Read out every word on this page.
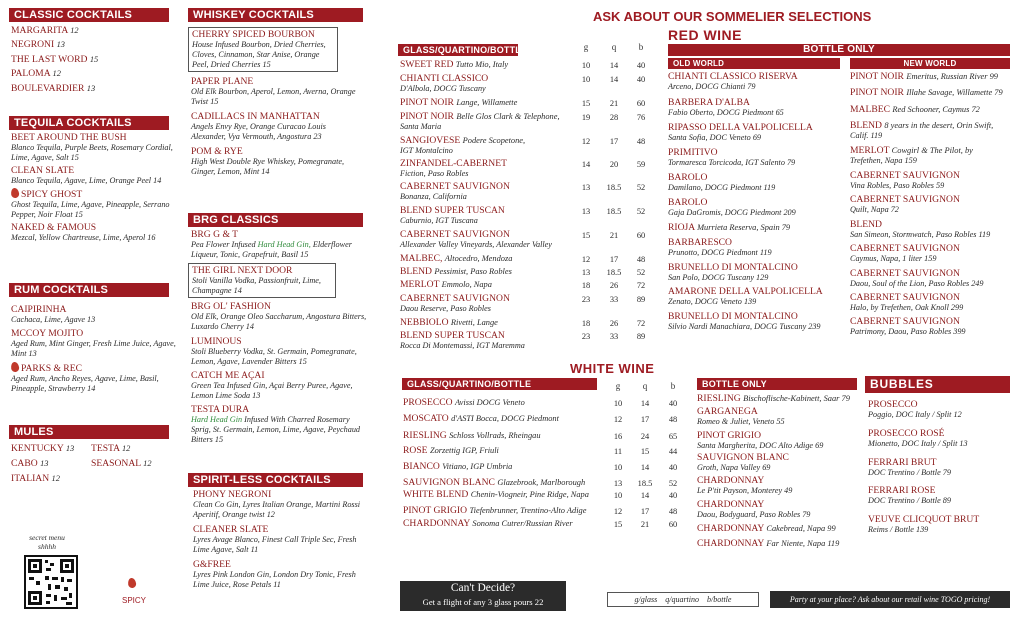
CLASSIC COCKTAILS
MARGARITA 12
NEGRONI 13
THE LAST WORD 15
PALOMA 12
BOULEVARDIER 13
TEQUILA COCKTAILS
BEET AROUND THE BUSH
Blanco Tequila, Purple Beets, Rosemary Cordial, Lime, Agave, Salt 15
CLEAN SLATE
Blanco Tequila, Agave, Lime, Orange Peel 14
SPICY GHOST
Ghost Tequila, Lime, Agave, Pineapple, Serrano Pepper, Noir Float 15
NAKED & FAMOUS
Mezcal, Yellow Chartreuse, Lime, Aperol 16
RUM COCKTAILS
CAIPIRINHA
Cachaca, Lime, Agave 13
MCCOY MOJITO
Aged Rum, Mint Ginger, Fresh Lime Juice, Agave, Mint 13
PARKS & REC
Aged Rum, Ancho Reyes, Agave, Lime, Basil, Pineapple, Strawberry 14
MULES
KENTUCKY 13 TESTA 12
CABO 13	SEASONAL 12
ITALIAN 12
secret menu
shhhh
SPICY
WHISKEY COCKTAILS
CHERRY SPICED BOURBON
House Infused Bourbon, Dried Cherries, Cloves, Cinnamon, Star Anise, Orange Peel, Dried Cherries 15
PAPER PLANE
Old Elk Bourbon, Aperol, Lemon, Averna, Orange Twist 15
CADILLACS IN MANHATTAN
Angels Envy Rye, Orange Curacao Louis Alexander, Vya Vermouth, Angostura 23
POM & RYE
High West Double Rye Whiskey, Pomegranate, Ginger, Lemon, Mint 14
BRG CLASSICS
BRG G & T
Pea Flower Infused Hard Head Gin, Elderflower Liqueur, Tonic, Grapefruit, Basil 15
THE GIRL NEXT DOOR
Stoli Vanilla Vodka, Passionfruit, Lime, Champagne 14
BRG OL' FASHION
Old Elk, Orange Oleo Saccharum, Angostura Bitters, Luxardo Cherry 14
LUMINOUS
Stoli Blueberry Vodka, St. Germain, Pomegranate, Lemon, Agave, Lavender Bitters 15
CATCH ME AÇAI
Green Tea Infused Gin, Açai Berry Puree, Agave, Lemon Lime Soda 13
TESTA DURA
Hard Head Gin Infused With Charred Rosemary Sprig, St. Germain, Lemon, Lime, Agave, Peychaud Bitters 15
SPIRIT-LESS COCKTAILS
PHONY NEGRONI
Clean Co Gin, Lyres Italian Orange, Martini Rossi Aperitif, Orange twist 12
CLEANER SLATE
Lyres Avage Blanco, Finest Call Triple Sec, Fresh Lime Agave, Salt 11
G&FREE
Lyres Pink London Gin, London Dry Tonic, Fresh Lime Juice, Rose Petals 11
ASK ABOUT OUR SOMMELIER SELECTIONS
RED WINE
GLASS/QUARTINO/BOTTLE	g	q	b
SWEET RED Tutto Mio, Italy	10	14	40
CHIANTI CLASSICO
D'Albola, DOCG Tuscany
10	14	40
PINOT NOIR Lange, Willamette	15	21	60
PINOT NOIR Belle Glos Clark & Telephone,
Santa Maria
19	28	76
SANGIOVESE Podere Scopetone,
IGT Montalcino
12	17	48
ZINFANDEL-CABERNET
Fiction, Paso Robles
14	20	59
CABERNET SAUVIGNON
Bonanza, California
13	18.5	52
BLEND SUPER TUSCAN
Caburnio, IGT Tuscana
13	18.5	52
CABERNET SAUVIGNON
Allexander Valley Vineyards, Alexander Valley
15	21	60
MALBEC, Altocedro, Mendoza	12	17	48
BLEND Pessimist, Paso Robles	13	18.5	52
MERLOT Emmolo, Napa	18	26	72
CABERNET SAUVIGNON
Daou Reserve, Paso Robles
23	33	89
NEBBIOLO Rivetti, Lange	18	26	72
BLEND SUPER TUSCAN
Rocca Di Montemassi, IGT Maremma
23	33	89
BOTTLE ONLY
OLD WORLD	NEW WORLD
CHIANTI CLASSICO RISERVA
Arceno, DOCG Chianti 79
BARBERA D'ALBA
Fabio Oberto, DOCG Piedmont 65
RIPASSO DELLA VALPOLICELLA
Santa Sofia, DOC Veneto 69
PRIMITIVO
Tormaresca Torcicoda, IGT Salento 79
BAROLO
Damilano, DOCG Piedmont 119
BAROLO
Gaja DaGromis, DOCG Piedmont 209
RIOJA Murrieta Reserva, Spain 79
BARBARESCO
Prunotto, DOCG Piedmont 119
BRUNELLO DI MONTALCINO
San Polo, DOCG Tuscany 129
AMARONE DELLA VALPOLICELLA
Zenato, DOCG Veneto 139
BRUNELLO DI MONTALCINO
Silvio Nardi Manachiara, DOCG Tuscany 239
PINOT NOIR Emeritus, Russian River 99
PINOT NOIR Illahe Savage, Willamette 79
MALBEC Red Schooner, Caymus 72
BLEND 8 years in the desert, Orin Swift,
Calif. 119
MERLOT Cowgirl & The Pilot, by
Trefethen, Napa 159
CABERNET SAUVIGNON
Vina Robles, Paso Robles 59
CABERNET SAUVIGNON
Quilt, Napa 72
BLEND
San Simeon, Stormwatch, Paso Robles 119
CABERNET SAUVIGNON
Caymus, Napa, 1 liter 159
CABERNET SAUVIGNON
Daou, Soul of the Lion, Paso Robles 249
CABERNET SAUVIGNON
Halo, by Trefethen, Oak Knoll 299
CABERNET SAUVIGNON
Patrimony, Daou, Paso Robles 399
WHITE WINE
GLASS/QUARTINO/BOTTLE	g	q	b
PROSECCO Avissi DOCG Veneto	10	14	40
MOSCATO d'ASTI Bocca, DOCG Piedmont	12	17	48
RIESLING Schloss Vollrads, Rheingau	16	24	65
ROSE Zorzettig IGP, Friuli	11	15	44
BIANCO Vitiano, IGP Umbria	10	14	40
SAUVIGNON BLANC Glazebrook, Marlborough	13	18.5	52
WHITE BLEND Chenin-Viogneir, Pine Ridge, Napa	10	14	40
PINOT GRIGIO Tiefenbrunner, Trentino-Alto Adige	12	17	48
CHARDONNAY Sonoma Cutrer/Russian River	15	21	60
BOTTLE ONLY
RIESLING Bischoflische-Kabinett, Saar 79
GARGANEGA
Romeo & Juliet, Veneto 55
PINOT GRIGIO
Santa Margherita, DOC Alto Adige 69
SAUVIGNON BLANC
Groth, Napa Valley 69
CHARDONNAY
Le P'tit Payson, Monterey 49
CHARDONNAY
Daou, Bodyguard, Paso Robles 79
CHARDONNAY Cakebread, Napa 99
CHARDONNAY Far Niente, Napa 119
BUBBLES
PROSECCO
Poggio, DOC Italy / Split 12
PROSECCO ROSÉ
Mionetto, DOC Italy / Split 13
FERRARI BRUT
DOC Trentino / Bottle 79
FERRARI ROSE
DOC Trentino / Bottle 89
VEUVE CLICQUOT BRUT
Reims / Bottle 139
Can't Decide?
Get a flight of any 3 glass pours 22	g/glass    q/quartino    b/bottle	Party at your place? Ask about our retail wine TOGO pricing!
